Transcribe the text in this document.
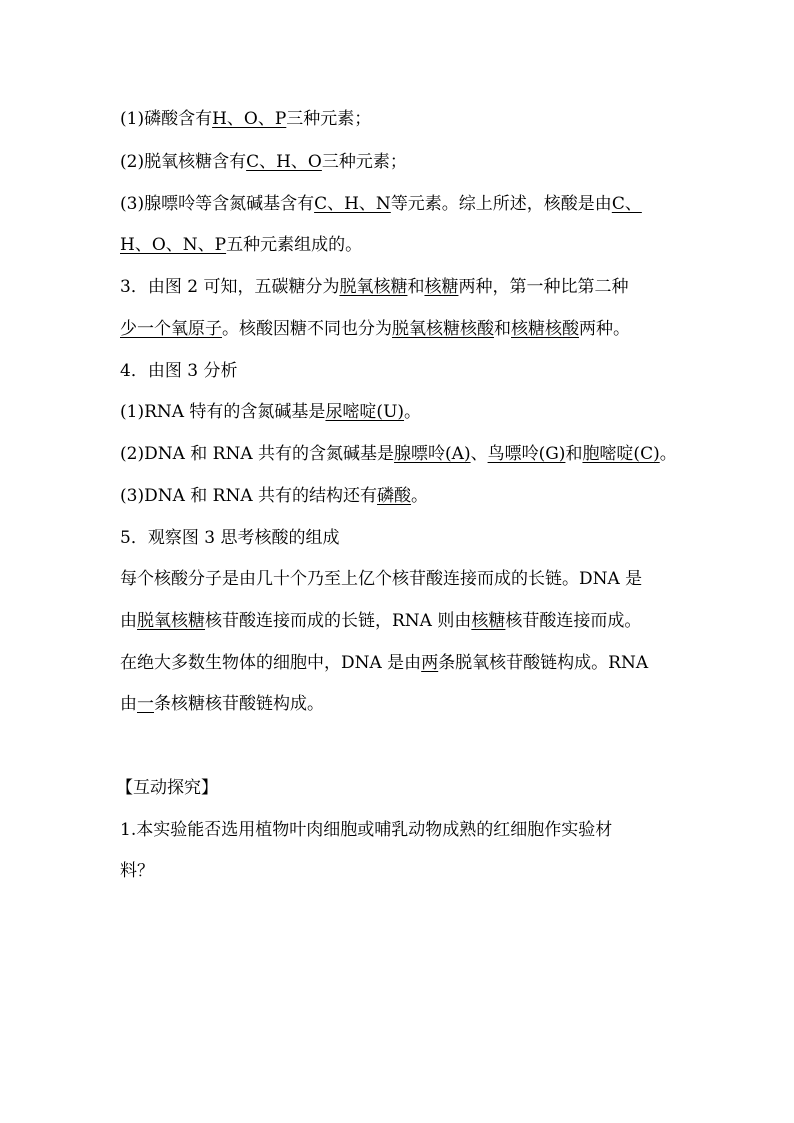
(1)磷酸含有H、O、P三种元素；
(2)脱氧核糖含有C、H、O三种元素；
(3)腺嘌呤等含氮碱基含有C、H、N等元素。综上所述，核酸是由C、
H、O、N、P五种元素组成的。
3．由图 2 可知，五碳糖分为脱氧核糖和核糖两种，第一种比第二种
少一个氧原子。核酸因糖不同也分为脱氧核糖核酸和核糖核酸两种。
4．由图 3 分析
(1)RNA 特有的含氮碱基是尿嘧啶(U)。
(2)DNA 和 RNA 共有的含氮碱基是腺嘌呤(A)、鸟嘌呤(G)和胞嘧啶(C)。
(3)DNA 和 RNA 共有的结构还有磷酸。
5．观察图 3 思考核酸的组成
每个核酸分子是由几十个乃至上亿个核苷酸连接而成的长链。DNA 是
由脱氧核糖核苷酸连接而成的长链，RNA 则由核糖核苷酸连接而成。
在绝大多数生物体的细胞中，DNA 是由两条脱氧核苷酸链构成。RNA
由一条核糖核苷酸链构成。
【互动探究】
1.本实验能否选用植物叶肉细胞或哺乳动物成熟的红细胞作实验材
料？
